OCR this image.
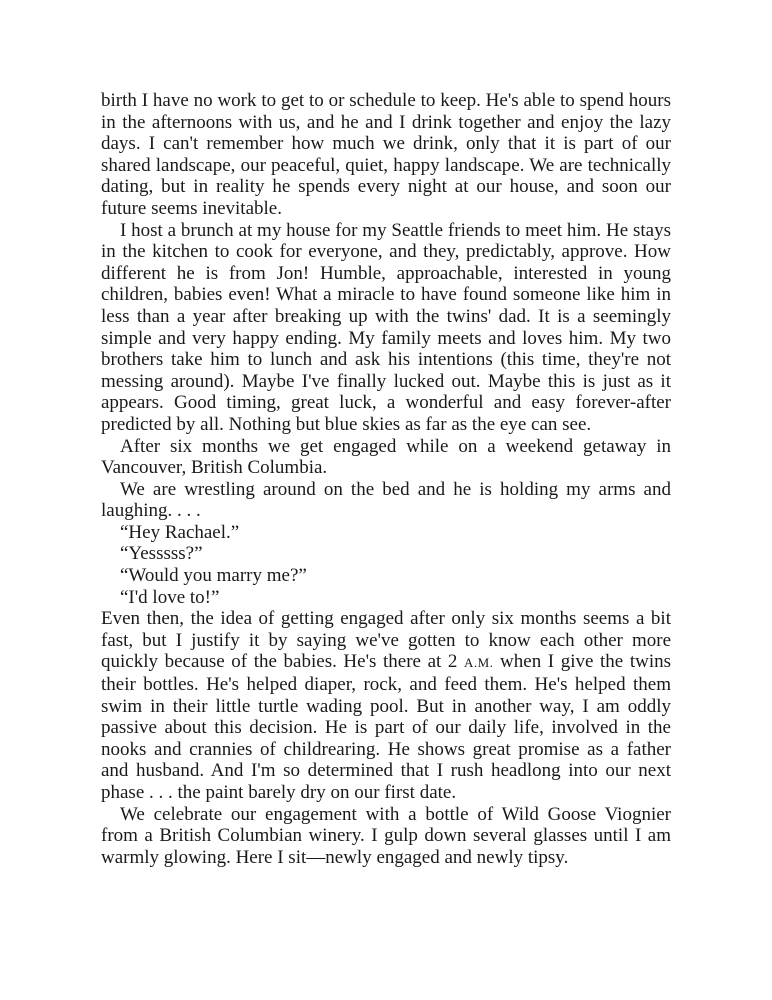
birth I have no work to get to or schedule to keep. He's able to spend hours in the afternoons with us, and he and I drink together and enjoy the lazy days. I can't remember how much we drink, only that it is part of our shared landscape, our peaceful, quiet, happy landscape. We are technically dating, but in reality he spends every night at our house, and soon our future seems inevitable.

I host a brunch at my house for my Seattle friends to meet him. He stays in the kitchen to cook for everyone, and they, predictably, approve. How different he is from Jon! Humble, approachable, interested in young children, babies even! What a miracle to have found someone like him in less than a year after breaking up with the twins' dad. It is a seemingly simple and very happy ending. My family meets and loves him. My two brothers take him to lunch and ask his intentions (this time, they're not messing around). Maybe I've finally lucked out. Maybe this is just as it appears. Good timing, great luck, a wonderful and easy forever-after predicted by all. Nothing but blue skies as far as the eye can see.

After six months we get engaged while on a weekend getaway in Vancouver, British Columbia.

We are wrestling around on the bed and he is holding my arms and laughing. . . .

“Hey Rachael.”

“Yesssss?”

“Would you marry me?”

“I'd love to!”

Even then, the idea of getting engaged after only six months seems a bit fast, but I justify it by saying we've gotten to know each other more quickly because of the babies. He's there at 2 A.M. when I give the twins their bottles. He's helped diaper, rock, and feed them. He's helped them swim in their little turtle wading pool. But in another way, I am oddly passive about this decision. He is part of our daily life, involved in the nooks and crannies of childrearing. He shows great promise as a father and husband. And I'm so determined that I rush headlong into our next phase . . . the paint barely dry on our first date.

We celebrate our engagement with a bottle of Wild Goose Viognier from a British Columbian winery. I gulp down several glasses until I am warmly glowing. Here I sit—newly engaged and newly tipsy.
